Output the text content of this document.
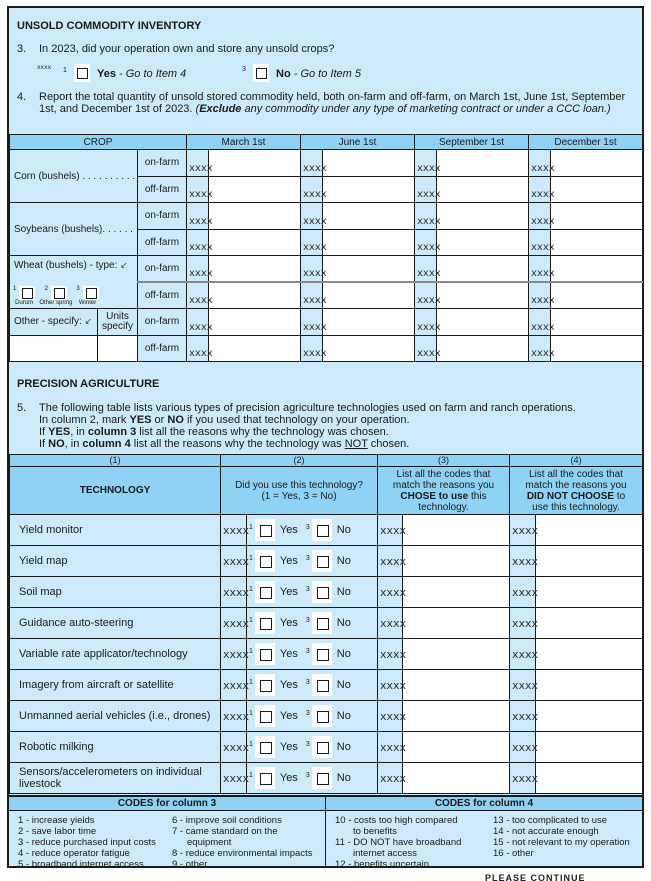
UNSOLD COMMODITY INVENTORY
3. In 2023, did your operation own and store any unsold crops?
xxxx 1	Yes - Go to Item 4	3	No - Go to Item 5
4. Report the total quantity of unsold stored commodity held, both on-farm and off-farm, on March 1st, June 1st, September 1st, and December 1st of 2023. (Exclude any commodity under any type of marketing contract or under a CCC loan.)
CROP			March 1st		June 1st		September 1st		December 1st	
Corn (bushels) . . . . . . . . . .		on-farm	xxxx		xxxx		xxxx		xxxx	
		off-farm	xxxx		xxxx		xxxx		xxxx	
Soybeans (bushels). . . . . .		on-farm	xxxx		xxxx		xxxx		xxxx	
		off-farm	xxxx		xxxx		xxxx		xxxx	
Wheat (bushels) - type: ↙		on-farm	xxxx		xxxx		xxxx		xxxx	

1
Durum
2
Other spring
3
Winter
	off-farm	xxxx		xxxx		xxxx		xxxx	
Other - specify: ↙	Units specify	on-farm	xxxx		xxxx		xxxx		xxxx	
		off-farm	xxxx		xxxx		xxxx		xxxx	
PRECISION AGRICULTURE
5. The following table lists various types of precision agriculture technologies used on farm and ranch operations.
In column 2, mark YES or NO if you used that technology on your operation.
If YES, in column 3 list all the reasons why the technology was chosen.
If NO, in column 4 list all the reasons why the technology was NOT chosen.
(1)	(2)		(3)		(4)	
TECHNOLOGY	Did you use this technology?
(1 = Yes, 3 = No)		List all the codes that match the reasons you CHOSE to use this technology.		List all the codes that match the reasons you DID NOT CHOOSE to use this technology.	
Yield monitor	xxxx	1 Yes 3 No	xxxx		xxxx	
Yield map	xxxx	1 Yes 3 No	xxxx		xxxx	
Soil map	xxxx	1 Yes 3 No	xxxx		xxxx	
Guidance auto-steering	xxxx	1 Yes 3 No	xxxx		xxxx	
Variable rate applicator/technology	xxxx	1 Yes 3 No	xxxx		xxxx	
Imagery from aircraft or satellite	xxxx	1 Yes 3 No	xxxx		xxxx	
Unmanned aerial vehicles (i.e., drones)	xxxx	1 Yes 3 No	xxxx		xxxx	
Robotic milking	xxxx	1 Yes 3 No	xxxx		xxxx	
Sensors/accelerometers on individual livestock	xxxx	1 Yes 3 No	xxxx		xxxx	
CODES for column 3
1 - increase yields
2 - save labor time
3 - reduce purchased input costs
4 - reduce operator fatigue
5 - broadband internet access
6 - improve soil conditions
7 - came standard on the
equipment
8 - reduce environmental impacts
9 - other
CODES for column 4
10 - costs too high compared
to benefits
11 - DO NOT have broadband
internet access
12 - benefits uncertain
13 - too complicated to use
14 - not accurate enough
15 - not relevant to my operation
16 - other
PLEASE CONTINUE
